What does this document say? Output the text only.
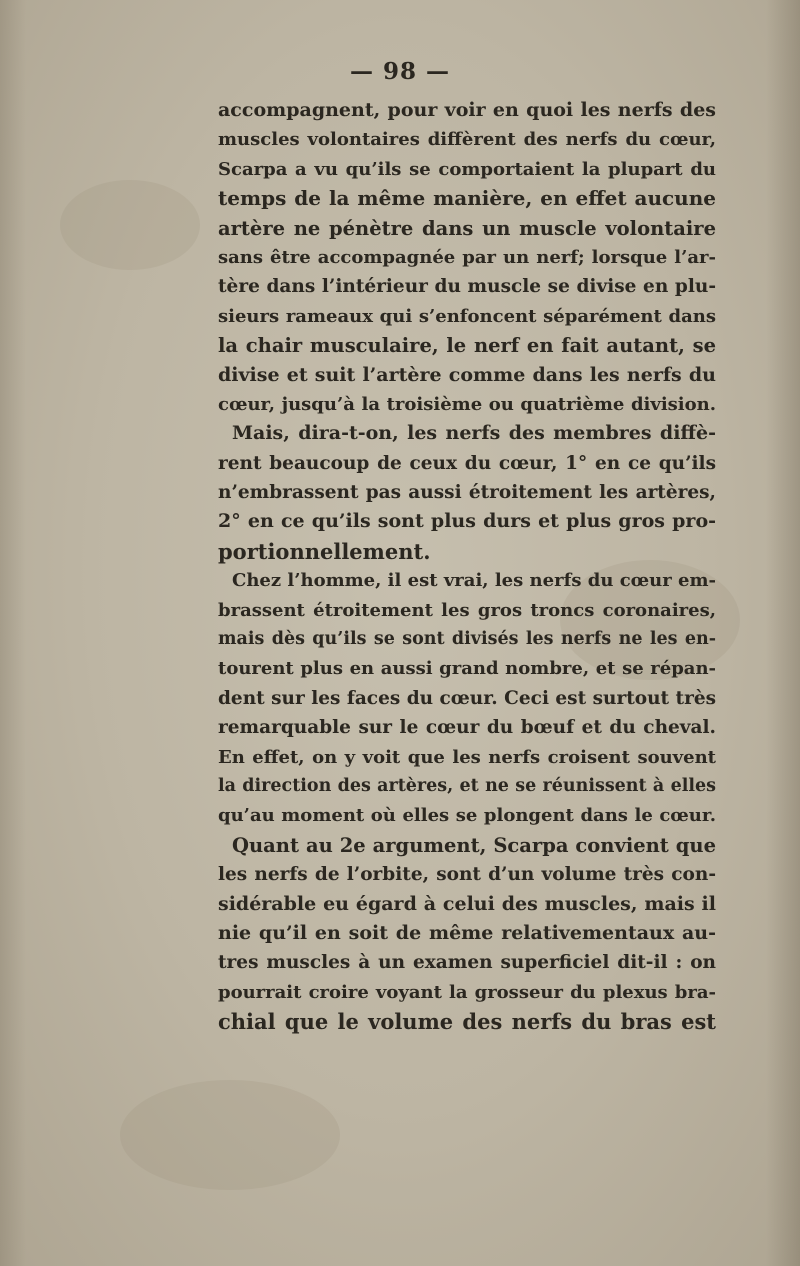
— 98 —
accompagnent, pour voir en quoi les nerfs des
muscles volontaires diffèrent des nerfs du cœur,
Scarpa a vu qu’ils se comportaient la plupart du
temps de la même manière, en effet aucune
artère ne pénètre dans un muscle volontaire
sans être accompagnée par un nerf; lorsque l’ar-
tère dans l’intérieur du muscle se divise en plu-
sieurs rameaux qui s’enfoncent séparément dans
la chair musculaire, le nerf en fait autant, se
divise et suit l’artère comme dans les nerfs du
cœur, jusqu’à la troisième ou quatrième division.
Mais, dira-t-on, les nerfs des membres diffè-
rent beaucoup de ceux du cœur, 1° en ce qu’ils
n’embrassent pas aussi étroitement les artères,
2° en ce qu’ils sont plus durs et plus gros pro-
portionnellement.
Chez l’homme, il est vrai, les nerfs du cœur em-
brassent étroitement les gros troncs coronaires,
mais dès qu’ils se sont divisés les nerfs ne les en-
tourent plus en aussi grand nombre, et se répan-
dent sur les faces du cœur. Ceci est surtout très
remarquable sur le cœur du bœuf et du cheval.
En effet, on y voit que les nerfs croisent souvent
la direction des artères, et ne se réunissent à elles
qu’au moment où elles se plongent dans le cœur.
Quant au 2e argument, Scarpa convient que
les nerfs de l’orbite, sont d’un volume très con-
sidérable eu égard à celui des muscles, mais il
nie qu’il en soit de même relativementaux au-
tres muscles à un examen superficiel dit-il : on
pourrait croire voyant la grosseur du plexus bra-
chial que le volume des nerfs du bras est
